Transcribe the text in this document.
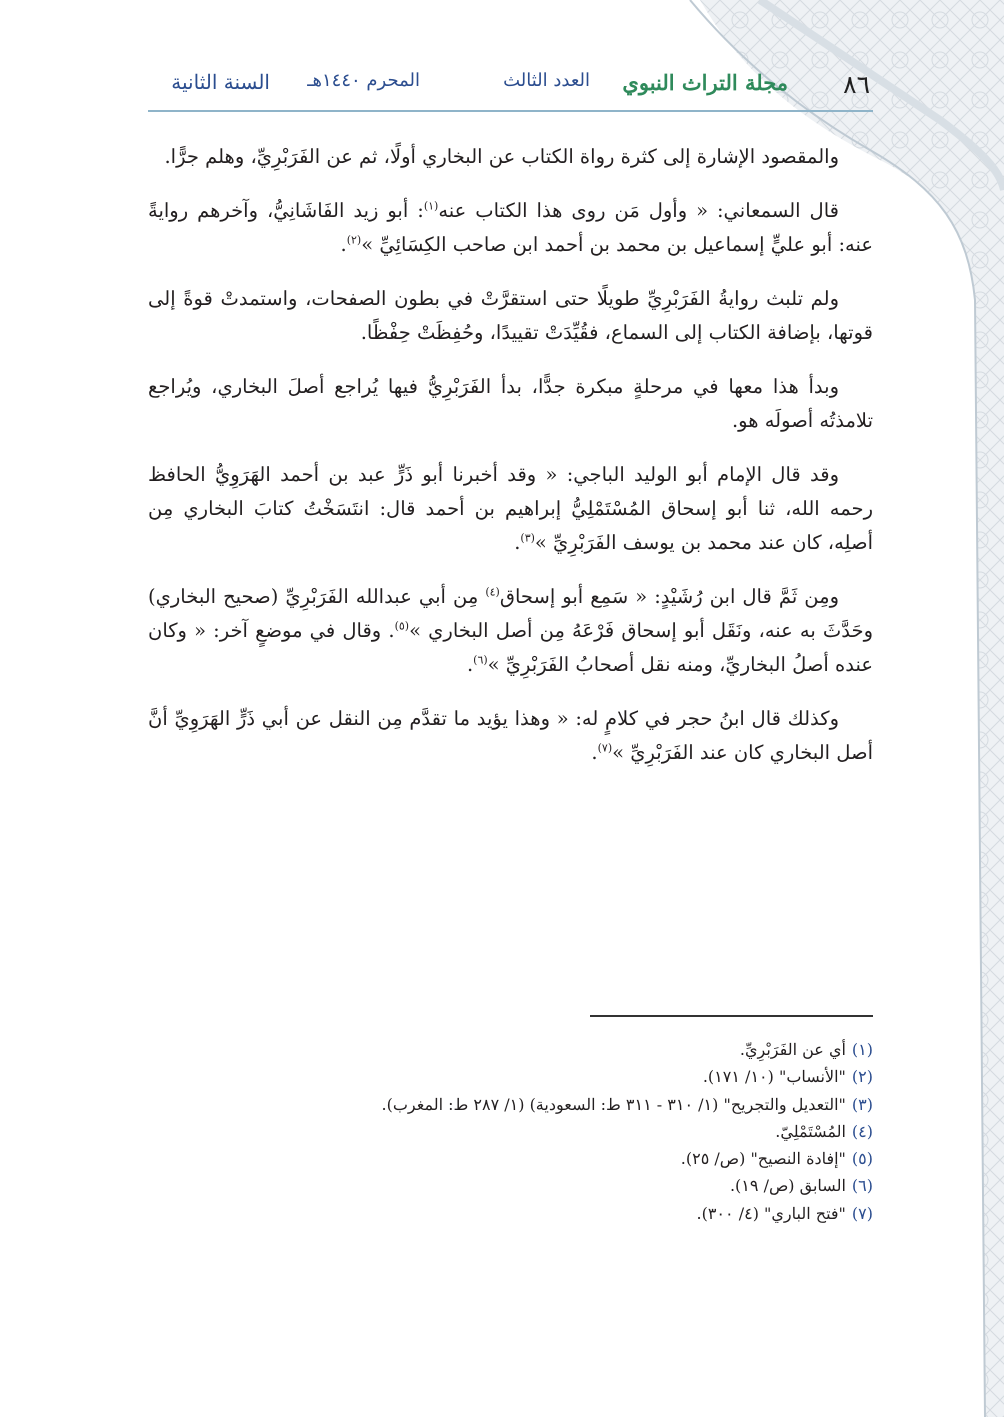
٨٦
مجلة التراث النبوي
العدد الثالث
المحرم ١٤٤٠هـ
السنة الثانية

والمقصود الإشارة إلى كثرة رواة الكتاب عن البخاري أولًا، ثم عن الفَرَبْرِيِّ، وهلم جرًّا.

قال السمعاني: « وأول مَن روى هذا الكتاب عنه$^{(١)}$: أبو زيد الفَاشَانِيُّ، وآخرهم روايةً عنه: أبو عليٍّ إسماعيل بن محمد بن أحمد ابن صاحب الكِسَائِيِّ »$^{(٢)}$.

ولم تلبث روايةُ الفَرَبْرِيِّ طويلًا حتى استقرَّتْ في بطون الصفحات، واستمدتْ قوةً إلى قوتها، بإضافة الكتاب إلى السماع، فقُيِّدَتْ تقييدًا، وحُفِظَتْ حِفْظًا.

وبدأ هذا معها في مرحلةٍ مبكرة جدًّا، بدأ الفَرَبْرِيُّ فيها يُراجع أصلَ البخاري، ويُراجع تلامذتُه أصولَه هو.

وقد قال الإمام أبو الوليد الباجي: « وقد أخبرنا أبو ذَرٍّ عبد بن أحمد الهَرَوِيُّ الحافظ رحمه الله، ثنا أبو إسحاق المُسْتَمْلِيُّ إبراهيم بن أحمد قال: انتَسَخْتُ كتابَ البخاري مِن أصلِه، كان عند محمد بن يوسف الفَرَبْرِيِّ »$^{(٣)}$.

ومِن ثَمَّ قال ابن رُشَيْدٍ: « سَمِع أبو إسحاق$^{(٤)}$ مِن أبي عبدالله الفَرَبْرِيِّ (صحيح البخاري) وحَدَّثَ به عنه، ونَقَل أبو إسحاق فَرْعَهُ مِن أصل البخاري »$^{(٥)}$. وقال في موضعٍ آخر: « وكان عنده أصلُ البخاريِّ، ومنه نقل أصحابُ الفَرَبْرِيِّ »$^{(٦)}$.

وكذلك قال ابنُ حجر في كلامٍ له: « وهذا يؤيد ما تقدَّم مِن النقل عن أبي ذَرٍّ الهَرَوِيِّ أنَّ أصل البخاري كان عند الفَرَبْرِيِّ »$^{(٧)}$.

(١)أي عن الفَرَبْرِيِّ.
(٢)"الأنساب" (١٠/ ١٧١).
(٣)"التعديل والتجريح" (١/ ٣١٠ - ٣١١ ط: السعودية) (١/ ٢٨٧ ط: المغرب).
(٤)المُسْتَمْلِيّ.
(٥)"إفادة النصيح" (ص/ ٢٥).
(٦)السابق (ص/ ١٩).
(٧)"فتح الباري" (٤/ ٣٠٠).
